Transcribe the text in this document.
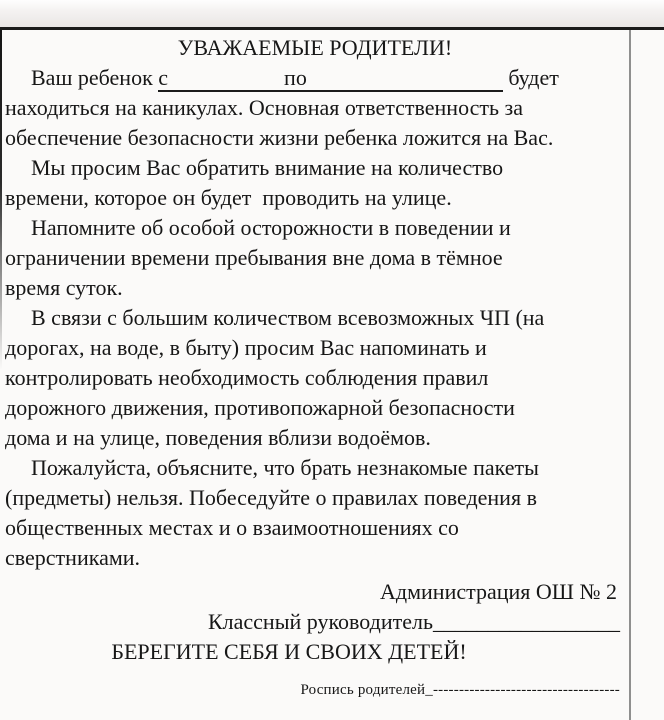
УВАЖАЕМЫЕ РОДИТЕЛИ!
Ваш ребенок с	по	будет
находиться на каникулах. Основная ответственность за
обеспечение безопасности жизни ребенка ложится на Вас.
Мы просим Вас обратить внимание на количество
времени, которое он будет  проводить на улице.
Напомните об особой осторожности в поведении и
ограничении времени пребывания вне дома в тёмное
время суток.
В связи с большим количеством всевозможных ЧП (на
дорогах, на воде, в быту) просим Вас напоминать и
контролировать необходимость соблюдения правил
дорожного движения, противопожарной безопасности
дома и на улице, поведения вблизи водоёмов.
Пожалуйста, объясните, что брать незнакомые пакеты
(предметы) нельзя. Побеседуйте о правилах поведения в
общественных местах и о взаимоотношениях со
сверстниками.
Администрация ОШ № 2
Классный руководитель_________________
БЕРЕГИТЕ СЕБЯ И СВОИХ ДЕТЕЙ!
Роспись родителей_------------------------------------
